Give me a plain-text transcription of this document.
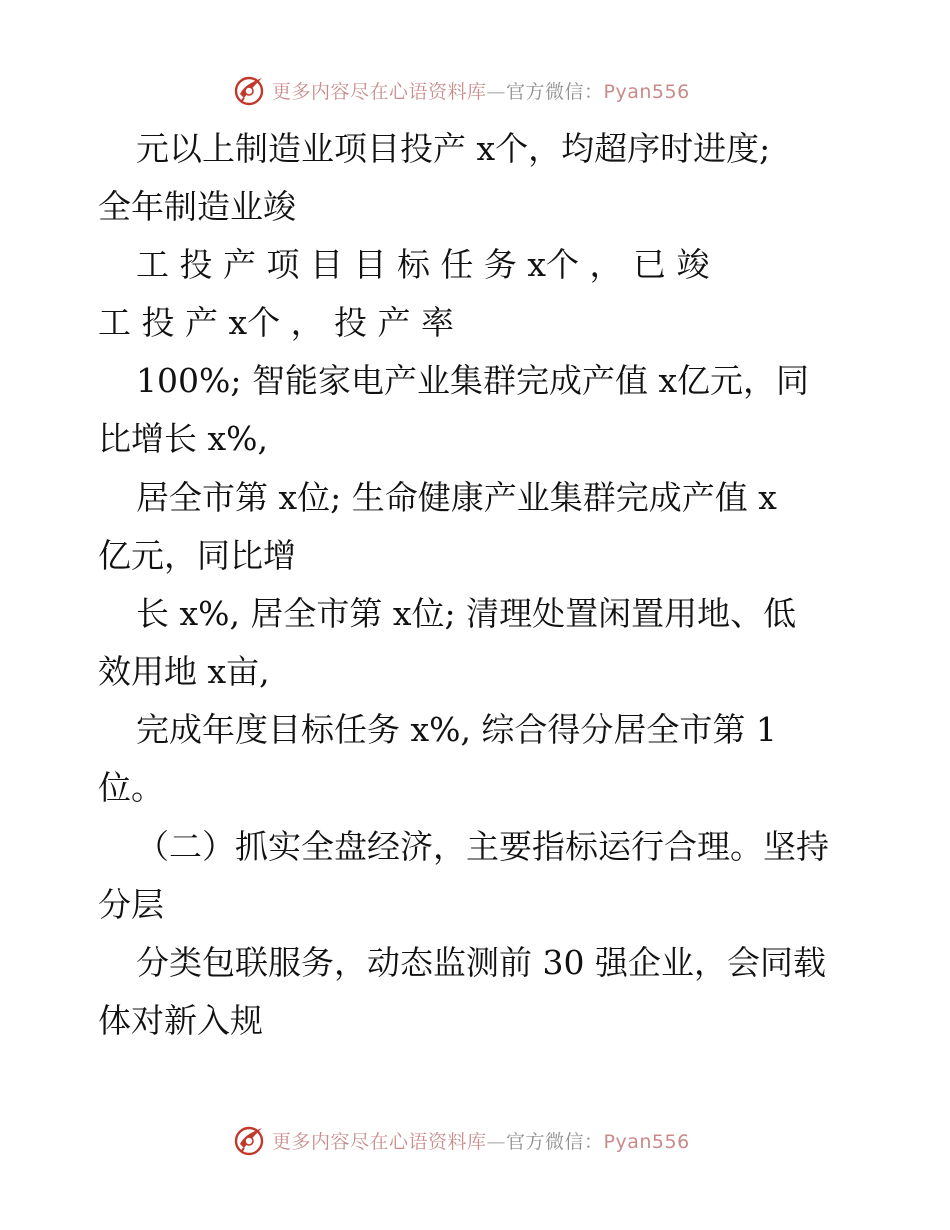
更多内容尽在心语资料库—官方微信：Pyan556
元以上制造业项目投产 x个，均超序时进度;
全年制造业竣
工 投 产 项 目 目 标 任 务 x个 ， 已 竣
工 投 产 x个 ， 投 产 率
100%; 智能家电产业集群完成产值 x亿元，同
比增长 x%,
居全市第 x位; 生命健康产业集群完成产值 x
亿元，同比增
长 x%, 居全市第 x位; 清理处置闲置用地、低
效用地 x亩,
完成年度目标任务 x%, 综合得分居全市第 1
位。
（二）抓实全盘经济，主要指标运行合理。坚持
分层
分类包联服务，动态监测前 30 强企业，会同载
体对新入规
更多内容尽在心语资料库—官方微信：Pyan556
